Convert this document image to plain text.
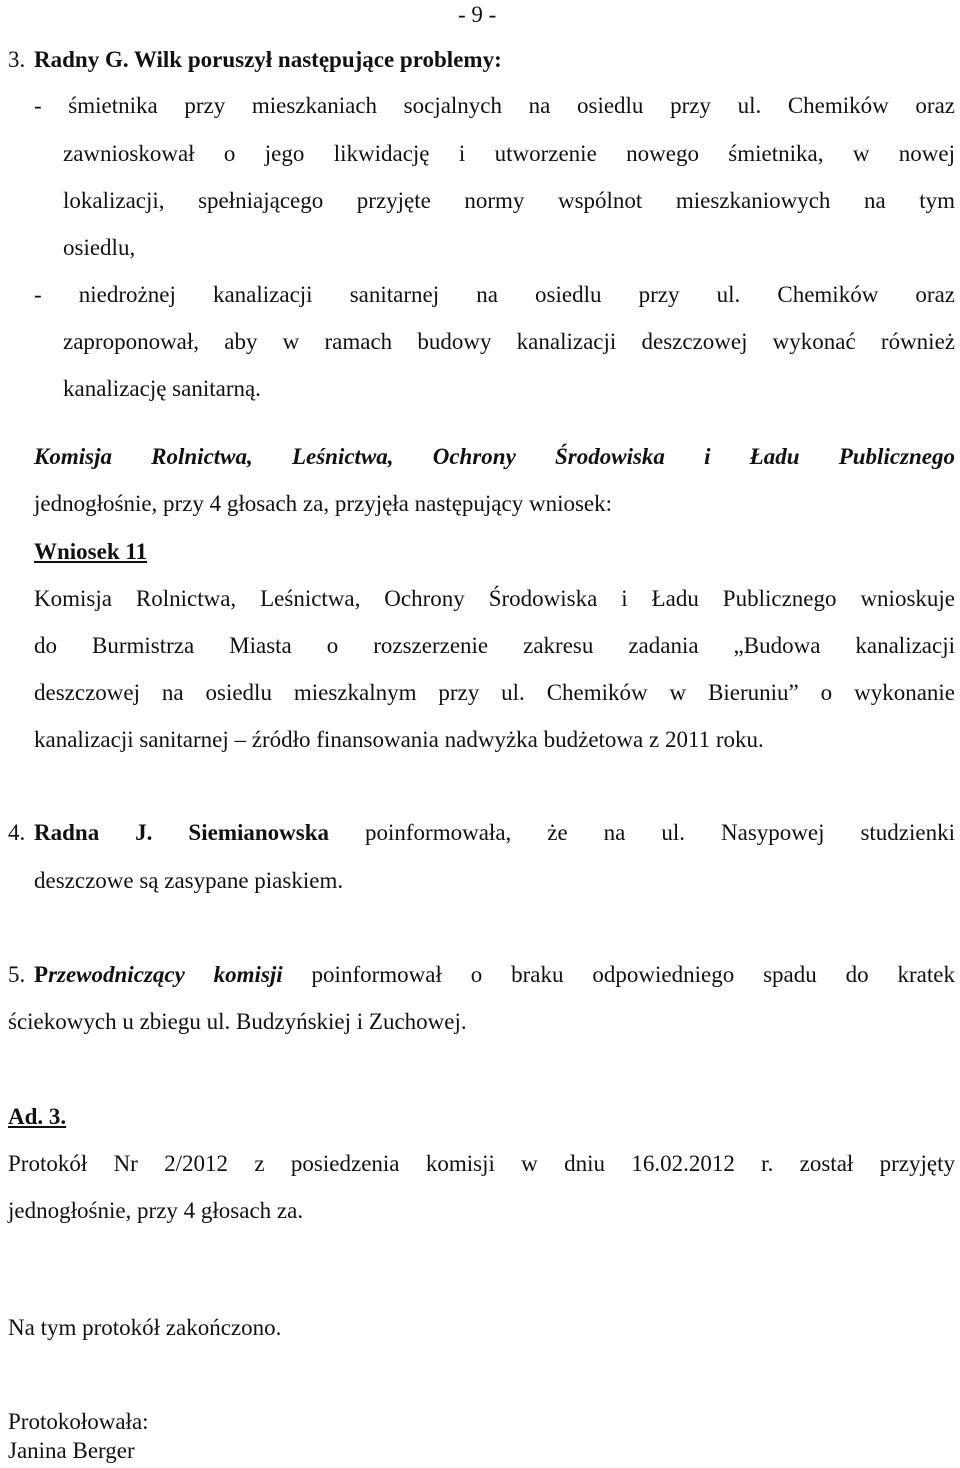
- 9 -
3. Radny G. Wilk poruszył następujące problemy:
- śmietnika przy mieszkaniach socjalnych na osiedlu przy ul. Chemików oraz
zawnioskował o jego likwidację i utworzenie nowego śmietnika, w nowej
lokalizacji, spełniającego przyjęte normy wspólnot mieszkaniowych na tym
osiedlu,
- niedrożnej kanalizacji sanitarnej na osiedlu przy ul. Chemików oraz
zaproponował, aby w ramach budowy kanalizacji deszczowej wykonać również
kanalizację sanitarną.
Komisja Rolnictwa, Leśnictwa, Ochrony Środowiska i Ładu Publicznego
jednogłośnie, przy 4 głosach za, przyjęła następujący wniosek:
Wniosek 11
Komisja Rolnictwa, Leśnictwa, Ochrony Środowiska i Ładu Publicznego wnioskuje
do Burmistrza Miasta o rozszerzenie zakresu zadania „Budowa kanalizacji
deszczowej na osiedlu mieszkalnym przy ul. Chemików w Bieruniu” o wykonanie
kanalizacji sanitarnej – źródło finansowania nadwyżka budżetowa z 2011 roku.
4. Radna J. Siemianowska poinformowała, że na ul. Nasypowej studzienki
deszczowe są zasypane piaskiem.
5. Przewodniczący komisji poinformował o braku odpowiedniego spadu do kratek
ściekowych u zbiegu ul. Budzyńskiej i Zuchowej.
Ad. 3.
Protokół Nr 2/2012 z posiedzenia komisji w dniu 16.02.2012 r. został przyjęty
jednogłośnie, przy 4 głosach za.
Na tym protokół zakończono.
Protokołowała:
Janina Berger
